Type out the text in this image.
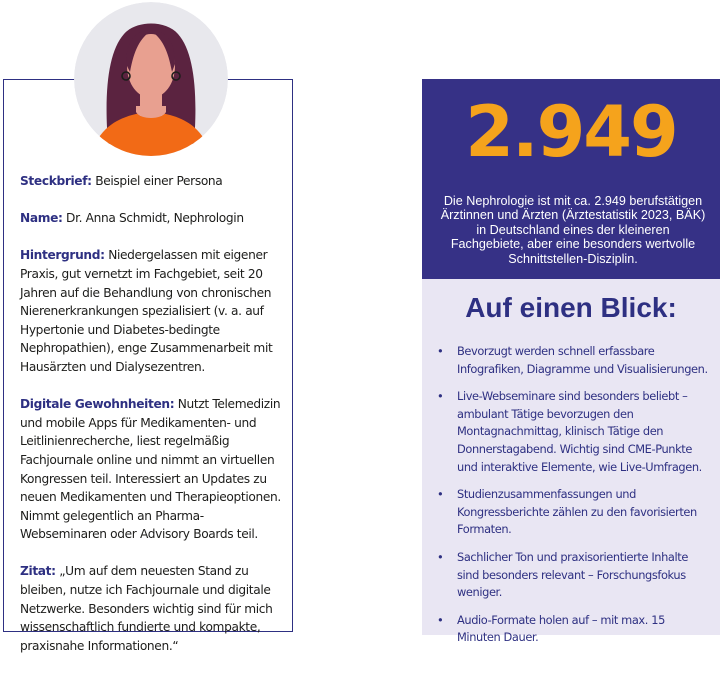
Steckbrief: Beispiel einer Persona

Name: Dr. Anna Schmidt, Nephrologin

Hintergrund: Niedergelassen mit eigener Praxis, gut vernetzt im Fachgebiet, seit 20 Jahren auf die Behandlung von chronischen Nierenerkrankungen spezialisiert (v. a. auf Hypertonie und Diabetes-bedingte Nephropathien), enge Zusammenarbeit mit Hausärzten und Dialysezentren.

Digitale Gewohnheiten: Nutzt Telemedizin und mobile Apps für Medikamenten- und Leitlinienrecherche, liest regelmäßig Fachjournale online und nimmt an virtuellen Kongressen teil. Interessiert an Updates zu neuen Medikamenten und Therapieoptionen. Nimmt gelegentlich an Pharma-Webseminaren oder Advisory Boards teil.

Zitat: „Um auf dem neuesten Stand zu bleiben, nutze ich Fachjournale und digitale Netzwerke. Besonders wichtig sind für mich wissenschaftlich fundierte und kompakte, praxisnahe Informationen.“

2.949
Die Nephrologie ist mit ca. 2.949 berufstätigen Ärztinnen und Ärzten (Ärztestatistik 2023, BÄK) in Deutschland eines der kleineren Fachgebiete, aber eine besonders wertvolle Schnittstellen-Disziplin.
Auf einen Blick:
• Bevorzugt werden schnell erfassbare Infografiken, Diagramme und Visualisierungen.
• Live-Webseminare sind besonders beliebt – ambulant Tätige bevorzugen den Montagnachmittag, klinisch Tätige den Donnerstagabend. Wichtig sind CME-Punkte und interaktive Elemente, wie Live-Umfragen.
• Studienzusammenfassungen und Kongressberichte zählen zu den favorisierten Formaten.
• Sachlicher Ton und praxisorientierte Inhalte sind besonders relevant – Forschungsfokus weniger.
• Audio-Formate holen auf – mit max. 15 Minuten Dauer.
